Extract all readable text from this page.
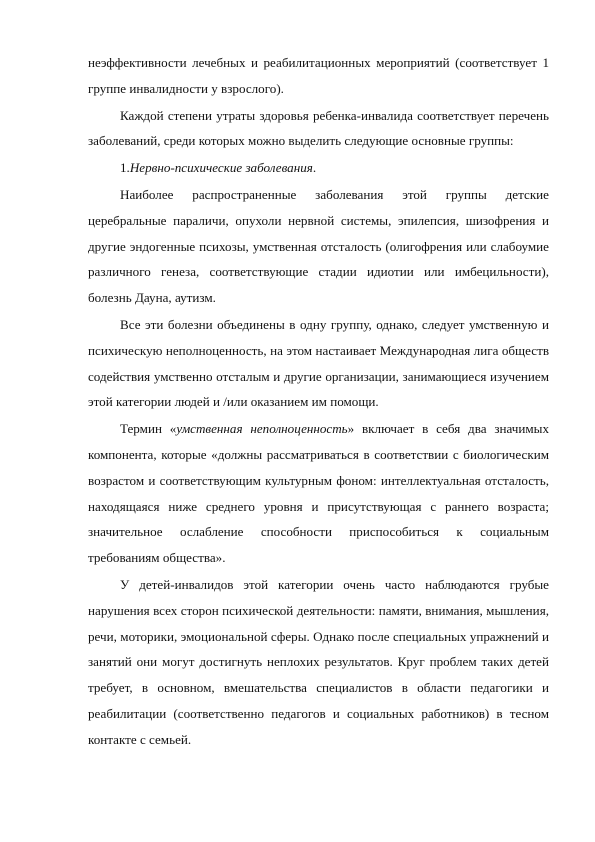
неэффективности лечебных и реабилитационных мероприятий (соответствует 1 группе инвалидности у взрослого).

Каждой степени утраты здоровья ребенка-инвалида соответствует перечень заболеваний, среди которых можно выделить следующие основные группы:

1.Нервно-психические заболевания.

Наиболее распространенные заболевания этой группы детские церебральные параличи, опухоли нервной системы, эпилепсия, шизофрения и другие эндогенные психозы, умственная отсталость (олигофрения или слабоумие различного генеза, соответствующие стадии идиотии или имбецильности), болезнь Дауна, аутизм.

Все эти болезни объединены в одну группу, однако, следует умственную и психическую неполноценность, на этом настаивает Международная лига обществ содействия умственно отсталым и другие организации, занимающиеся изучением этой категории людей и /или оказанием им помощи.

Термин «умственная неполноценность» включает в себя два значимых компонента, которые «должны рассматриваться в соответствии с биологическим возрастом и соответствующим культурным фоном: интеллектуальная отсталость, находящаяся ниже среднего уровня и присутствующая с раннего возраста; значительное ослабление способности приспособиться к социальным требованиям общества».

У детей-инвалидов этой категории очень часто наблюдаются грубые нарушения всех сторон психической деятельности: памяти, внимания, мышления, речи, моторики, эмоциональной сферы. Однако после специальных упражнений и занятий они могут достигнуть неплохих результатов. Круг проблем таких детей требует, в основном, вмешательства специалистов в области педагогики и реабилитации (соответственно педагогов и социальных работников) в тесном контакте с семьей.
